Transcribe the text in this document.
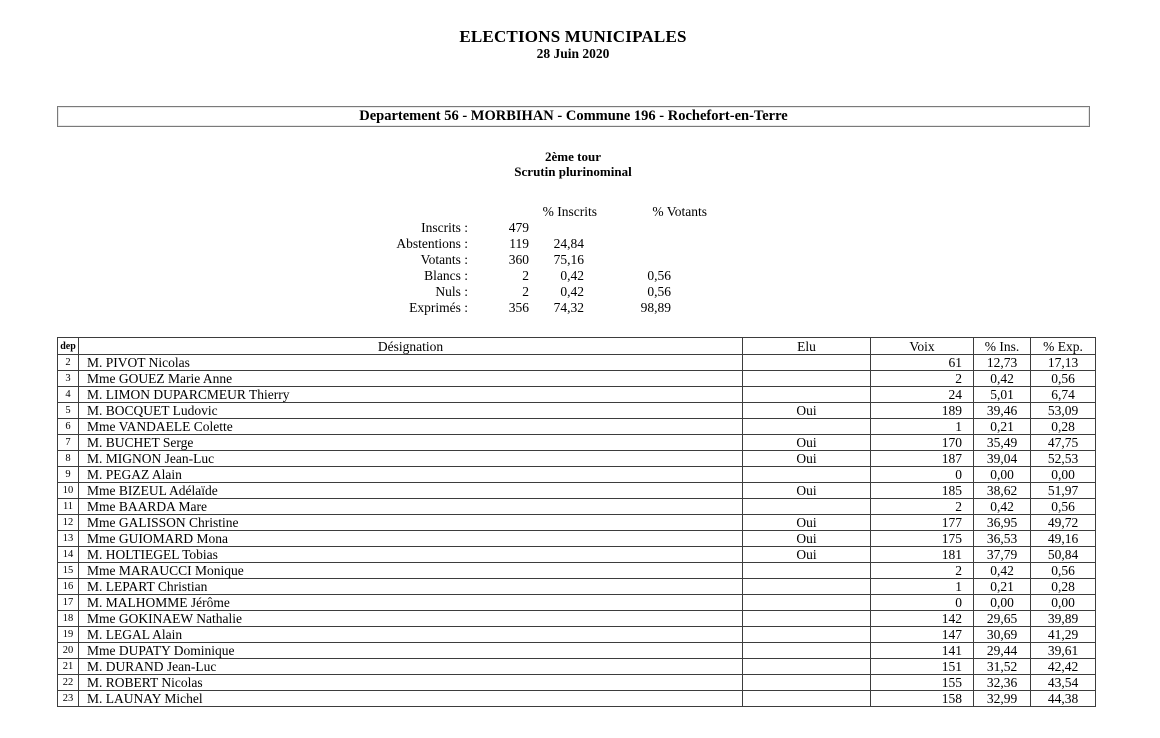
ELECTIONS MUNICIPALES
28 Juin 2020
Departement 56 - MORBIHAN - Commune 196 - Rochefort-en-Terre
2ème tour
Scrutin plurinominal
% Inscrits	% Votants
Inscrits :	479
Abstentions :	119	24,84
Votants :	360	75,16
Blancs :	2	0,42	0,56
Nuls :	2	0,42	0,56
Exprimés :	356	74,32	98,89
dep	Désignation	Elu	Voix	% Ins.	% Exp.
2	M. PIVOT Nicolas		61	12,73	17,13
3	Mme GOUEZ Marie Anne		2	0,42	0,56
4	M. LIMON DUPARCMEUR Thierry		24	5,01	6,74
5	M. BOCQUET Ludovic	Oui	189	39,46	53,09
6	Mme VANDAELE Colette		1	0,21	0,28
7	M. BUCHET Serge	Oui	170	35,49	47,75
8	M. MIGNON Jean-Luc	Oui	187	39,04	52,53
9	M. PEGAZ Alain		0	0,00	0,00
10	Mme BIZEUL Adélaïde	Oui	185	38,62	51,97
11	Mme BAARDA Mare		2	0,42	0,56
12	Mme GALISSON Christine	Oui	177	36,95	49,72
13	Mme GUIOMARD Mona	Oui	175	36,53	49,16
14	M. HOLTIEGEL Tobias	Oui	181	37,79	50,84
15	Mme MARAUCCI Monique		2	0,42	0,56
16	M. LEPART Christian		1	0,21	0,28
17	M. MALHOMME Jérôme		0	0,00	0,00
18	Mme GOKINAEW Nathalie		142	29,65	39,89
19	M. LEGAL Alain		147	30,69	41,29
20	Mme DUPATY Dominique		141	29,44	39,61
21	M. DURAND Jean-Luc		151	31,52	42,42
22	M. ROBERT Nicolas		155	32,36	43,54
23	M. LAUNAY Michel		158	32,99	44,38
